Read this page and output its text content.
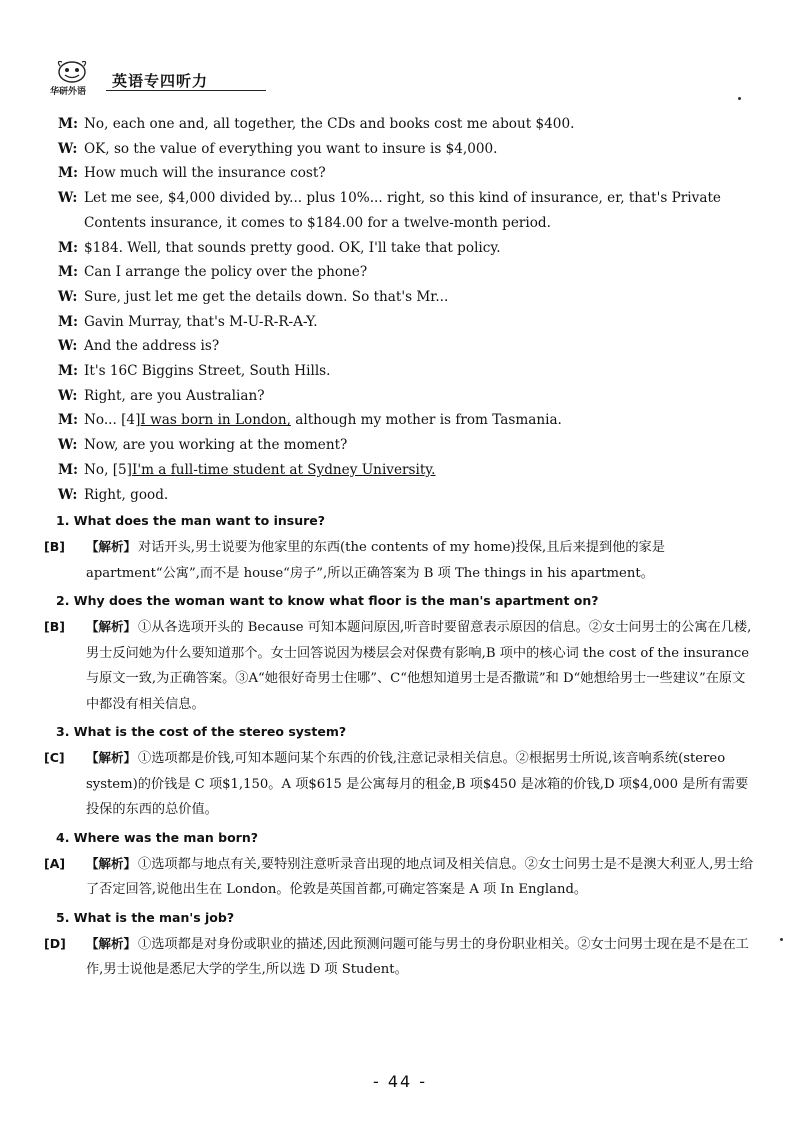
华研外语
英语专四听力
M: No, each one and, all together, the CDs and books cost me about $400.
W: OK, so the value of everything you want to insure is $4,000.
M: How much will the insurance cost?
W: Let me see, $4,000 divided by... plus 10%... right, so this kind of insurance, er, that's Private Contents insurance, it comes to $184.00 for a twelve-month period.
M: $184. Well, that sounds pretty good. OK, I'll take that policy.
M: Can I arrange the policy over the phone?
W: Sure, just let me get the details down. So that's Mr...
M: Gavin Murray, that's M-U-R-R-A-Y.
W: And the address is?
M: It's 16C Biggins Street, South Hills.
W: Right, are you Australian?
M: No... [4]I was born in London, although my mother is from Tasmania.
W: Now, are you working at the moment?
M: No, [5]I'm a full-time student at Sydney University.
W: Right, good.
1. What does the man want to insure?
[B]	【解析】 对话开头,男士说要为他家里的东西(the contents of my home)投保,且后来提到他的家是 apartment“公寓”,而不是 house“房子”,所以正确答案为 B 项 The things in his apartment。
2. Why does the woman want to know what floor is the man's apartment on?
[B]	【解析】 ①从各选项开头的 Because 可知本题问原因,听音时要留意表示原因的信息。②女士问男士的公寓在几楼,男士反问她为什么要知道那个。女士回答说因为楼层会对保费有影响,B 项中的核心词 the cost of the insurance 与原文一致,为正确答案。③A“她很好奇男士住哪”、C“他想知道男士是否撒谎”和 D“她想给男士一些建议”在原文中都没有相关信息。
3. What is the cost of the stereo system?
[C]	【解析】 ①选项都是价钱,可知本题问某个东西的价钱,注意记录相关信息。②根据男士所说,该音响系统(stereo system)的价钱是 C 项$1,150。A 项$615 是公寓每月的租金,B 项$450 是冰箱的价钱,D 项$4,000 是所有需要投保的东西的总价值。
4. Where was the man born?
[A]	【解析】 ①选项都与地点有关,要特别注意听录音出现的地点词及相关信息。②女士问男士是不是澳大利亚人,男士给了否定回答,说他出生在 London。伦敦是英国首都,可确定答案是 A 项 In England。
5. What is the man's job?
[D]	【解析】 ①选项都是对身份或职业的描述,因此预测问题可能与男士的身份职业相关。②女士问男士现在是不是在工作,男士说他是悉尼大学的学生,所以选 D 项 Student。
- 44 -
